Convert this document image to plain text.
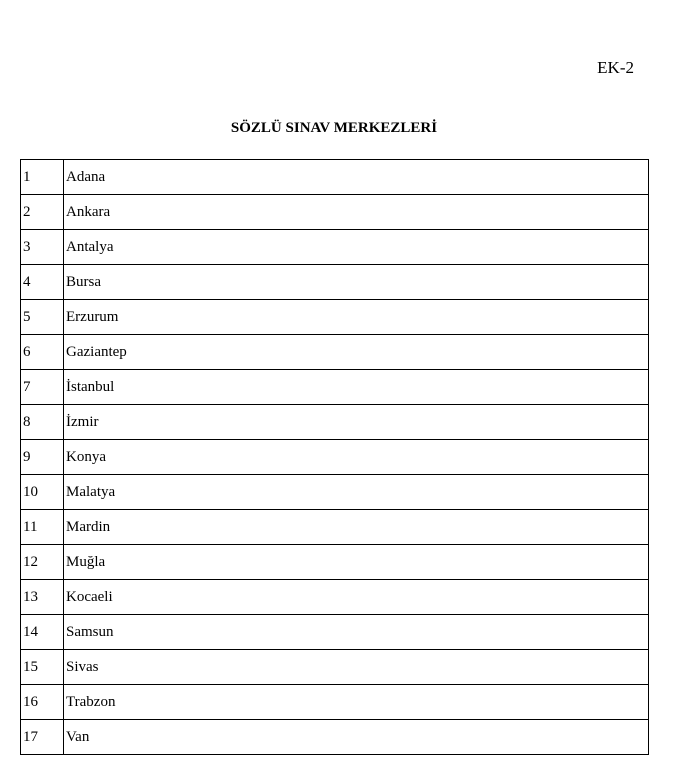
EK-2
SÖZLÜ SINAV MERKEZLERİ
1	Adana
2	Ankara
3	Antalya
4	Bursa
5	Erzurum
6	Gaziantep
7	İstanbul
8	İzmir
9	Konya
10	Malatya
11	Mardin
12	Muğla
13	Kocaeli
14	Samsun
15	Sivas
16	Trabzon
17	Van
